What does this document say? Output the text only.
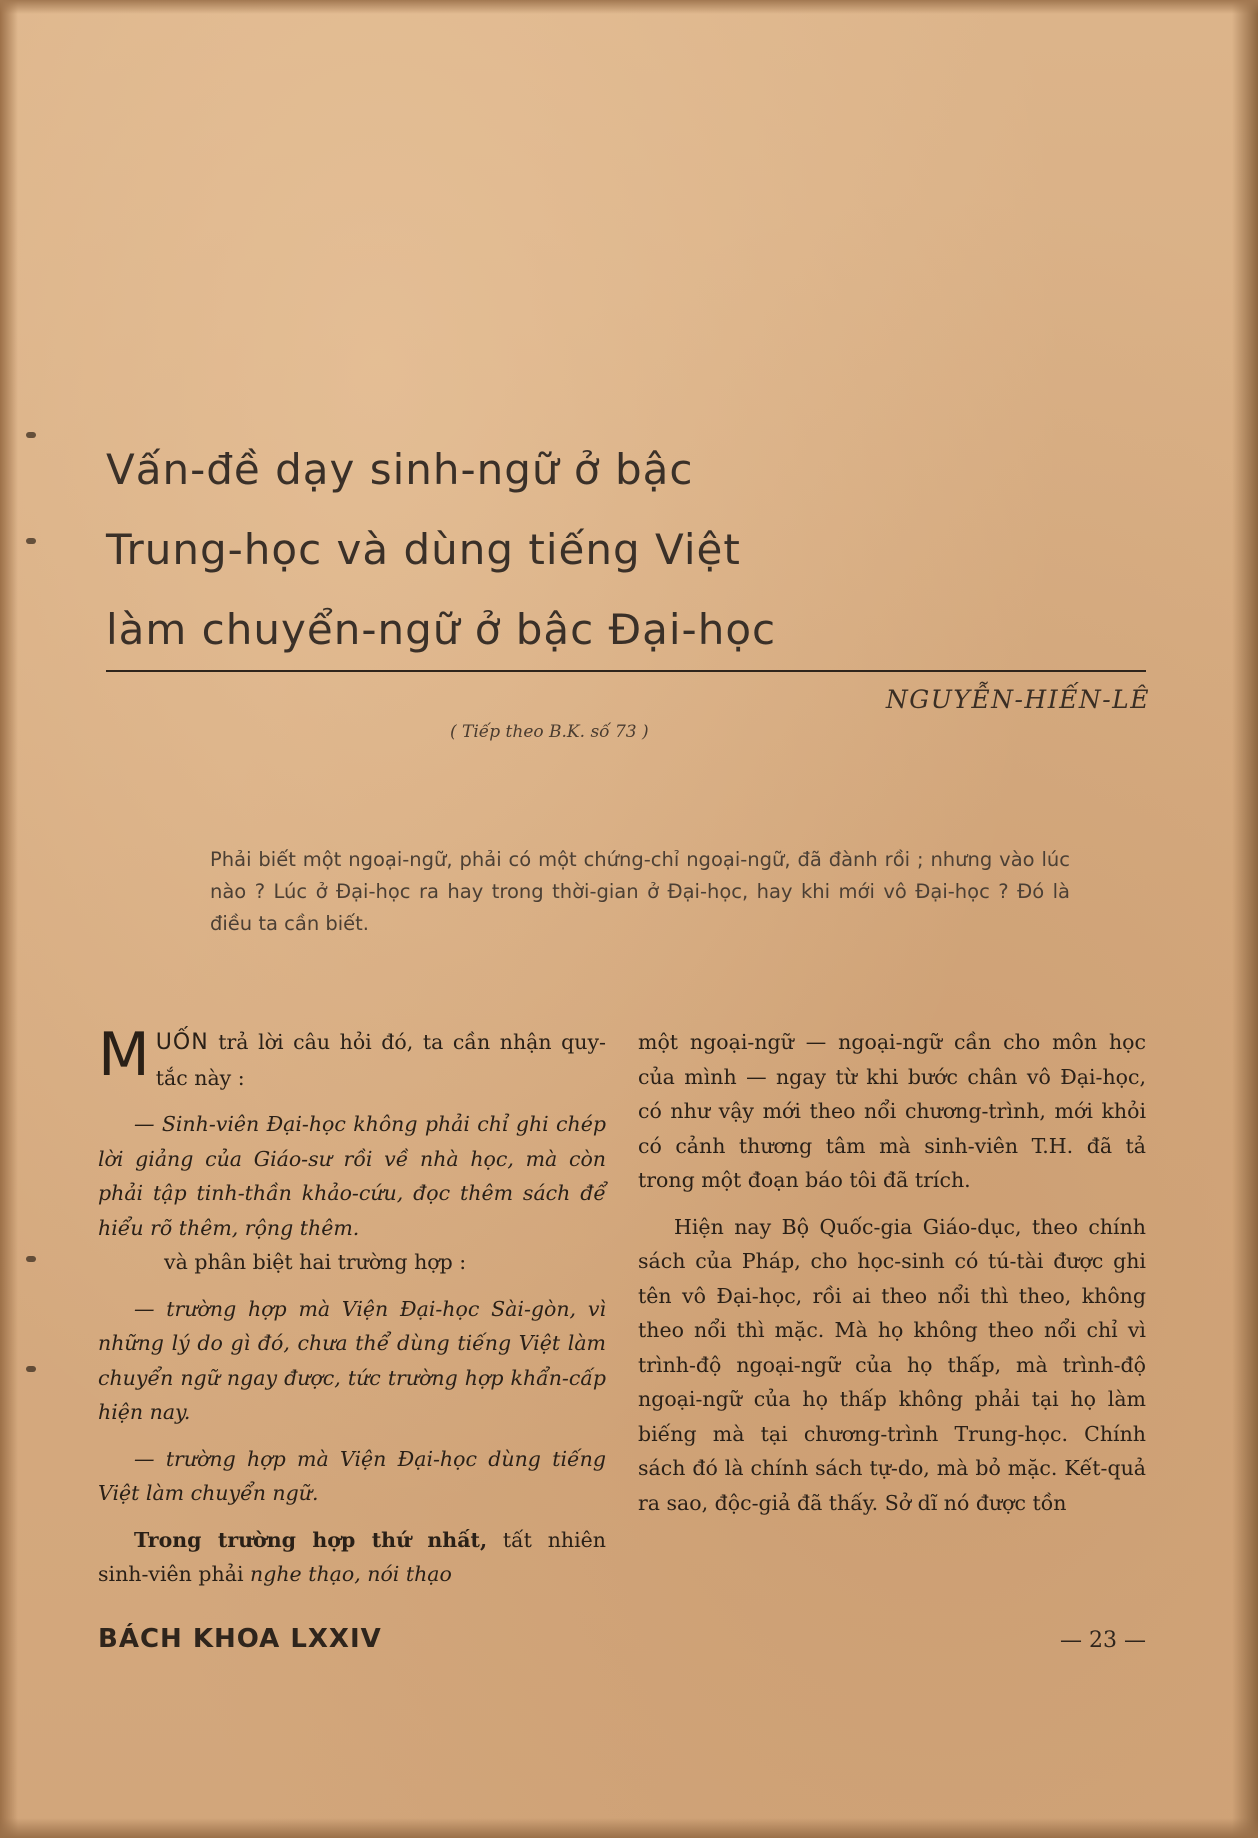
Vấn-đề dạy sinh-ngữ ở bậc
Trung-học và dùng tiếng Việt
làm chuyển-ngữ ở bậc Đại-học
NGUYỄN-HIẾN-LÊ
( Tiếp theo B.K. số 73 )

Phải biết một ngoại-ngữ, phải có một chứng-chỉ ngoại-ngữ, đã đành rồi ; nhưng vào lúc nào ? Lúc ở Đại-học ra hay trong thời-gian ở Đại-học, hay khi mới vô Đại-học ? Đó là điều ta cần biết.

MUỐN trả lời câu hỏi đó, ta cần nhận quy-tắc này :

— Sinh-viên Đại-học không phải chỉ ghi chép lời giảng của Giáo-sư rồi về nhà học, mà còn phải tập tinh-thần khảo-cứu, đọc thêm sách để hiểu rõ thêm, rộng thêm.

và phân biệt hai trường hợp :

— trường hợp mà Viện Đại-học Sài-gòn, vì những lý do gì đó, chưa thể dùng tiếng Việt làm chuyển ngữ ngay được, tức trường hợp khẩn-cấp hiện nay.

— trường hợp mà Viện Đại-học dùng tiếng Việt làm chuyển ngữ.

Trong trường hợp thứ nhất, tất nhiên sinh-viên phải nghe thạo, nói thạo

một ngoại-ngữ — ngoại-ngữ cần cho môn học của mình — ngay từ khi bước chân vô Đại-học, có như vậy mới theo nổi chương-trình, mới khỏi có cảnh thương tâm mà sinh-viên T.H. đã tả trong một đoạn báo tôi đã trích.

Hiện nay Bộ Quốc-gia Giáo-dục, theo chính sách của Pháp, cho học-sinh có tú-tài được ghi tên vô Đại-học, rồi ai theo nổi thì theo, không theo nổi thì mặc. Mà họ không theo nổi chỉ vì trình-độ ngoại-ngữ của họ thấp, mà trình-độ ngoại-ngữ của họ thấp không phải tại họ làm biếng mà tại chương-trình Trung-học. Chính sách đó là chính sách tự-do, mà bỏ mặc. Kết-quả ra sao, độc-giả đã thấy. Sở dĩ nó được tồn

BÁCH KHOA LXXIV	— 23 —
